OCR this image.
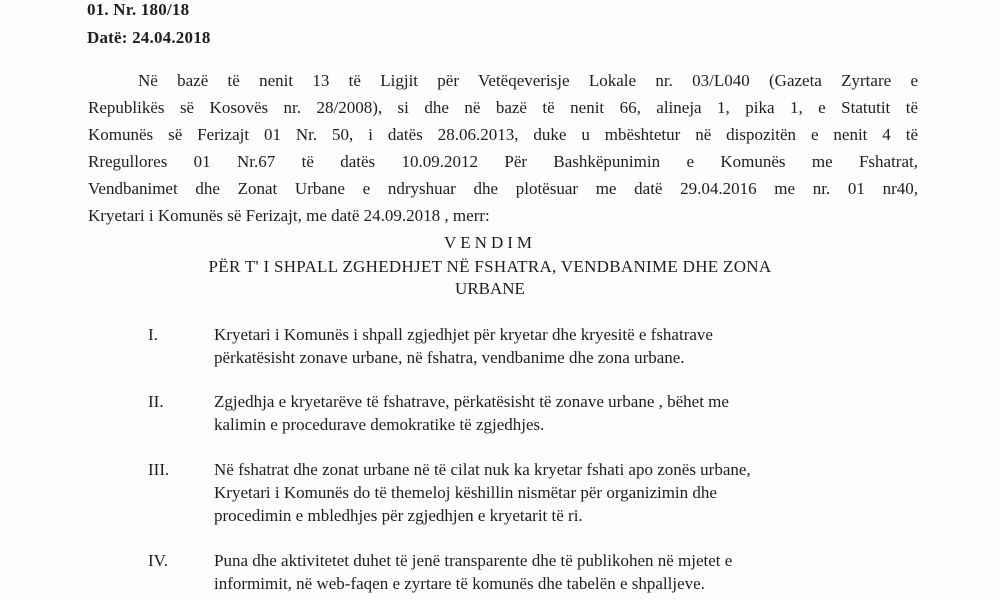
01. Nr. 180/18
Datë: 24.04.2018
Në bazë të nenit 13 të Ligjit për Vetëqeverisje Lokale nr. 03/L040 (Gazeta Zyrtare e
Republikës së Kosovës nr. 28/2008), si dhe në bazë të nenit 66, alineja 1, pika 1, e Statutit të
Komunës së Ferizajt 01 Nr. 50, i datës 28.06.2013, duke u mbështetur në dispozitën e nenit 4 të
Rregullores 01 Nr.67 të datës 10.09.2012 Për Bashkëpunimin e Komunës me Fshatrat,
Vendbanimet dhe Zonat Urbane e ndryshuar dhe plotësuar me datë 29.04.2016 me nr. 01 nr40,
Kryetari i Komunës së Ferizajt, me datë 24.09.2018 , merr:
VENDIM
PËR T' I SHPALL ZGHEDHJET NË FSHATRA, VENDBANIME DHE ZONA
URBANE
I.	Kryetari i Komunës i shpall zgjedhjet për kryetar dhe kryesitë e fshatrave
përkatësisht zonave urbane, në fshatra, vendbanime dhe zona urbane.
II.	Zgjedhja e kryetarëve të fshatrave, përkatësisht të zonave urbane , bëhet me
kalimin e procedurave demokratike të zgjedhjes.
III.	Në fshatrat dhe zonat urbane në të cilat nuk ka kryetar fshati apo zonës urbane,
Kryetari i Komunës do të themeloj këshillin nismëtar për organizimin dhe
procedimin e mbledhjes për zgjedhjen e kryetarit të ri.
IV.	Puna dhe aktivitetet duhet të jenë transparente dhe të publikohen në mjetet e
informimit, në web-faqen e zyrtare të komunës dhe tabelën e shpalljeve.
